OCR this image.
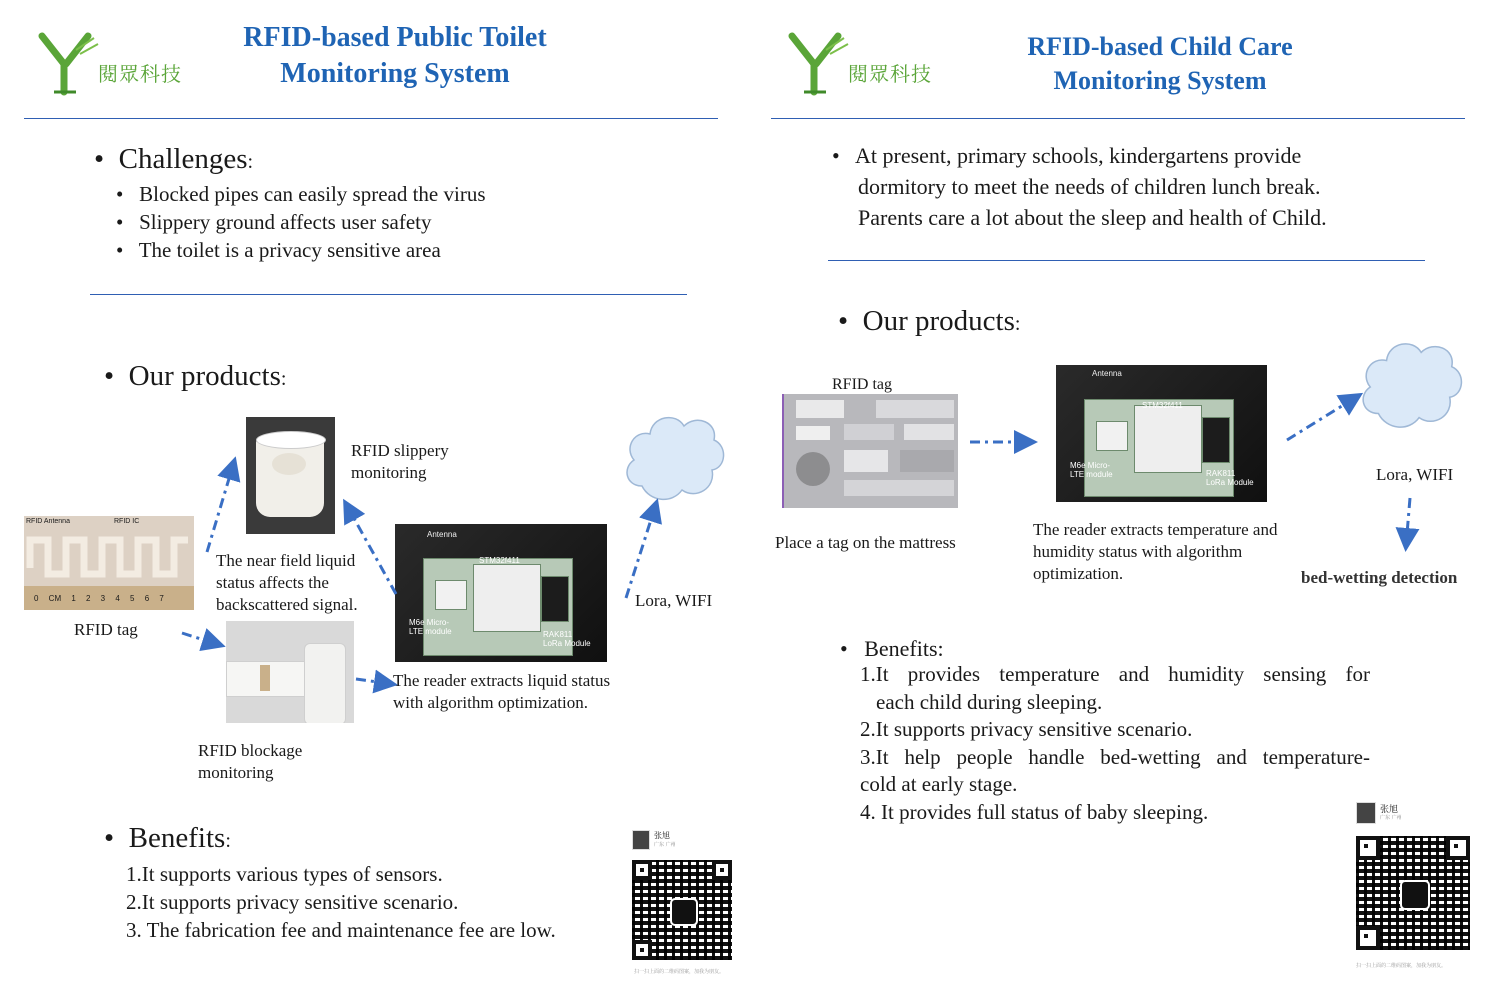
閱眾科技
RFID-based Public Toilet
Monitoring System
•  Challenges:
•   Blocked pipes can easily spread the virus
•   Slippery ground affects user safety
•   The toilet is a privacy sensitive area
•  Our products:
RFID Antenna	RFID IC
0 CM 1 2 3 4 5 6 7
RFID tag
RFID slippery monitoring
The near field liquid status affects the backscattered signal.
RFID blockage monitoring
Antenna
STM32f411
M6e Micro-LTE module	RAK811 LoRa Module
The reader extracts liquid status with algorithm optimization.
Lora, WIFI
•  Benefits:
1.It supports various types of sensors.
2.It supports privacy sensitive scenario.
3. The fabrication fee and maintenance fee are low.
张旭
广东 广州
扫一扫上面的二维码图案，加我为朋友。
閱眾科技
RFID-based Child Care
Monitoring System
•   At present, primary schools, kindergartens provide
dormitory to meet the needs of children lunch break.
Parents care a lot about the sleep and health of Child.
•  Our products:
RFID tag
Place a tag on the mattress
Antenna
STM32f411
M6e Micro-LTE module	RAK811 LoRa Module
The reader extracts temperature and humidity status with algorithm optimization.
Lora, WIFI
bed-wetting detection
•   Benefits:
1.It provides temperature and humidity sensing for
each child during sleeping.
2.It supports privacy sensitive scenario.
3.It help people handle bed-wetting and temperature-
cold at early stage.
4. It provides full status of baby sleeping.	张旭
广东 广州
扫一扫上面的二维码图案，加我为朋友。
